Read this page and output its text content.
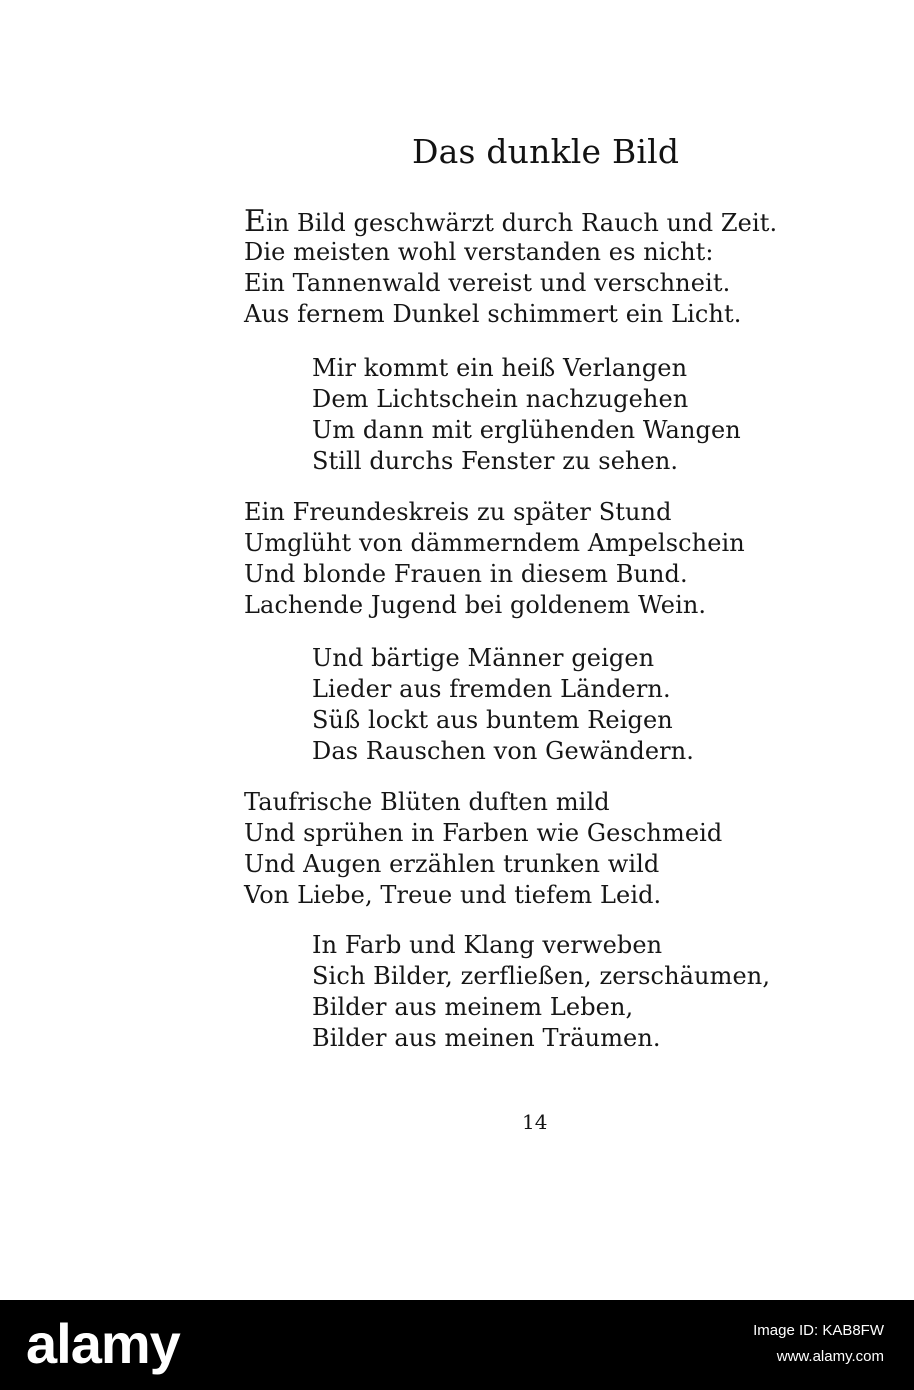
Das dunkle Bild
Ein Bild geschwärzt durch Rauch und Zeit.
Die meisten wohl verstanden es nicht:
Ein Tannenwald vereist und verschneit.
Aus fernem Dunkel schimmert ein Licht.
Mir kommt ein heiß Verlangen
Dem Lichtschein nachzugehen
Um dann mit erglühenden Wangen
Still durchs Fenster zu sehen.
Ein Freundeskreis zu später Stund
Umglüht von dämmerndem Ampelschein
Und blonde Frauen in diesem Bund.
Lachende Jugend bei goldenem Wein.
Und bärtige Männer geigen
Lieder aus fremden Ländern.
Süß lockt aus buntem Reigen
Das Rauschen von Gewändern.
Taufrische Blüten duften mild
Und sprühen in Farben wie Geschmeid
Und Augen erzählen trunken wild
Von Liebe, Treue und tiefem Leid.
In Farb und Klang verweben
Sich Bilder, zerfließen, zerschäumen,
Bilder aus meinem Leben,
Bilder aus meinen Träumen.
14
alamy	Image ID: KAB8FW
www.alamy.com
